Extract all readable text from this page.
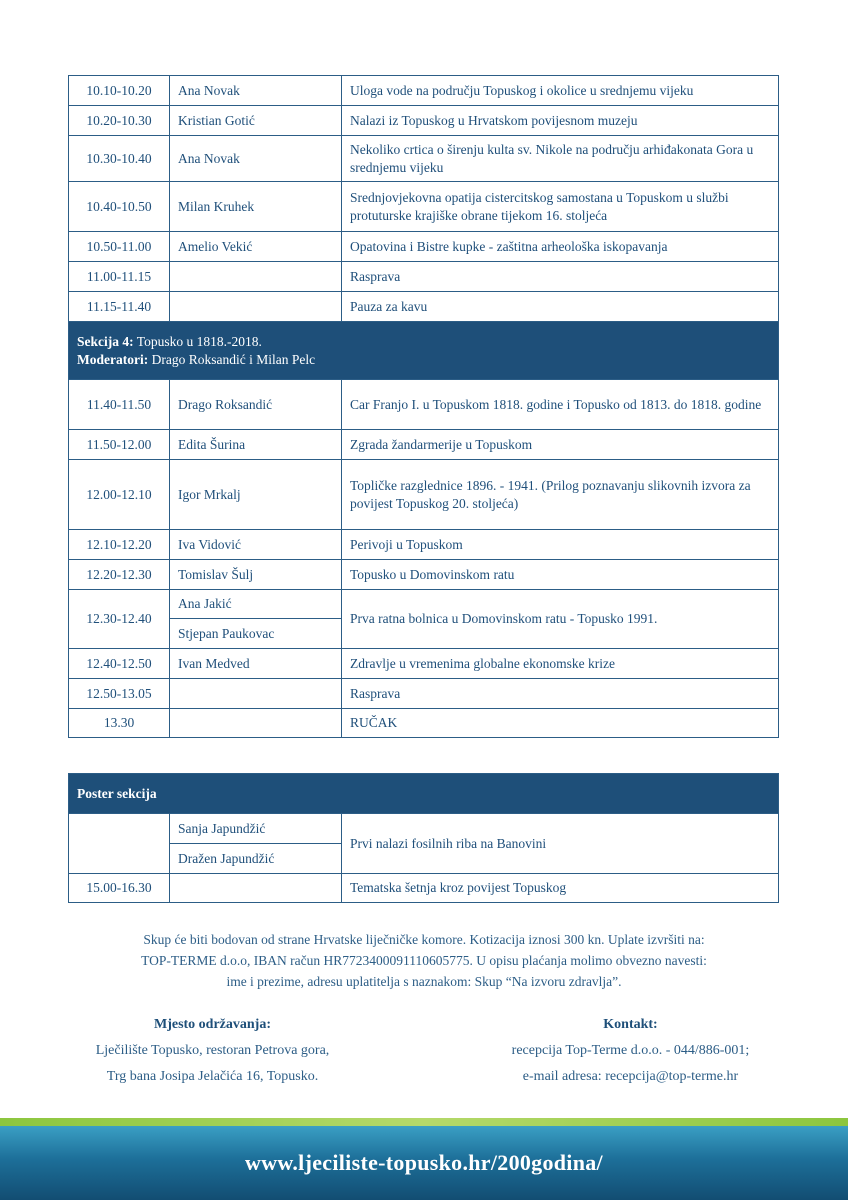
10.10-10.20	Ana Novak	Uloga vode na području Topuskog i okolice u srednjemu vijeku
10.20-10.30	Kristian Gotić	Nalazi iz Topuskog u Hrvatskom povijesnom muzeju
10.30-10.40	Ana Novak	Nekoliko crtica o širenju kulta sv. Nikole na području arhiđakonata Gora u srednjemu vijeku
10.40-10.50	Milan Kruhek	Srednjovjekovna opatija cistercitskog samostana u Topuskom u službi protuturske krajiške obrane tijekom 16. stoljeća
10.50-11.00	Amelio Vekić	Opatovina i Bistre kupke - zaštitna arheološka iskopavanja
11.00-11.15		Rasprava
11.15-11.40		Pauza za kavu

Sekcija 4: Topusko u 1818.-2018.
Moderatori: Drago Roksandić i Milan Pelc		

11.40-11.50	Drago Roksandić	Car Franjo I. u Topuskom 1818. godine i Topusko od 1813. do 1818. godine
11.50-12.00	Edita Šurina	Zgrada žandarmerije u Topuskom
12.00-12.10	Igor Mrkalj	Topličke razglednice 1896. - 1941. (Prilog poznavanju slikovnih izvora za povijest Topuskog 20. stoljeća)
12.10-12.20	Iva Vidović	Perivoji u Topuskom
12.20-12.30	Tomislav Šulj	Topusko u Domovinskom ratu
12.30-12.40	Ana Jakić	Prva ratna bolnica u Domovinskom ratu - Topusko 1991.
	Stjepan Paukovac	
12.40-12.50	Ivan Medved	Zdravlje u vremenima globalne ekonomske krize
12.50-13.05		Rasprava
13.30		RUČAK
Poster sekcija		
	Sanja Japundžić	Prvi nalazi fosilnih riba na Banovini
	Dražen Japundžić	
15.00-16.30		Tematska šetnja kroz povijest Topuskog
Skup će biti bodovan od strane Hrvatske liječničke komore. Kotizacija iznosi 300 kn. Uplate izvršiti na:
TOP-TERME d.o.o, IBAN račun HR7723400091110605775. U opisu plaćanja molimo obvezno navesti:
ime i prezime, adresu uplatitelja s naznakom: Skup “Na izvoru zdravlja”.
Mjesto održavanja:
Lječilište Topusko, restoran Petrova gora,
Trg bana Josipa Jelačića 16, Topusko.
Kontakt:
recepcija Top-Terme d.o.o. - 044/886-001;
e-mail adresa: recepcija@top-terme.hr
www.ljeciliste-topusko.hr/200godina/
